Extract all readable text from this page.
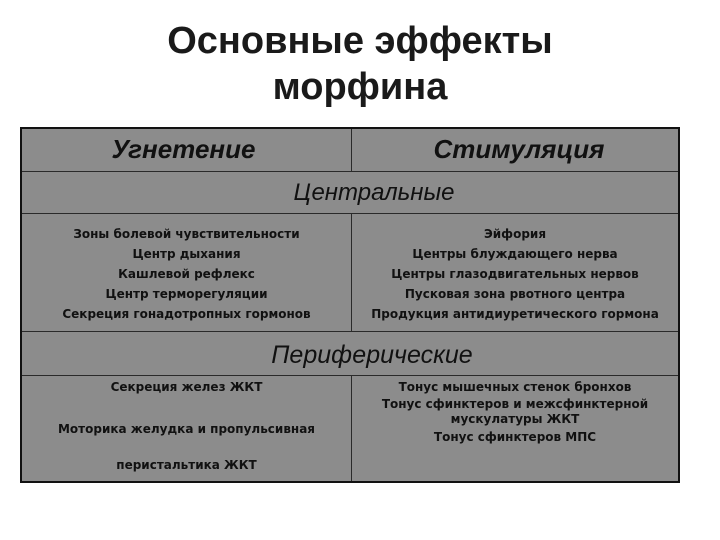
Основные эффекты
морфина
Угнетение	Стимуляция
Центральные
Зоны болевой чувствительности
Центр дыхания
Кашлевой рефлекс
Центр терморегуляции
Секреция гонадотропных гормонов
Эйфория
Центры блуждающего нерва
Центры глазодвигательных нервов
Пусковая зона рвотного центра
Продукция антидиуретического гормона
Периферические
Секреция желез ЖКТ
Моторика желудка и пропульсивная
перистальтика ЖКТ
Тонус мышечных стенок бронхов
Тонус сфинктеров и межсфинктерной мускулатуры ЖКТ
Тонус сфинктеров МПС
